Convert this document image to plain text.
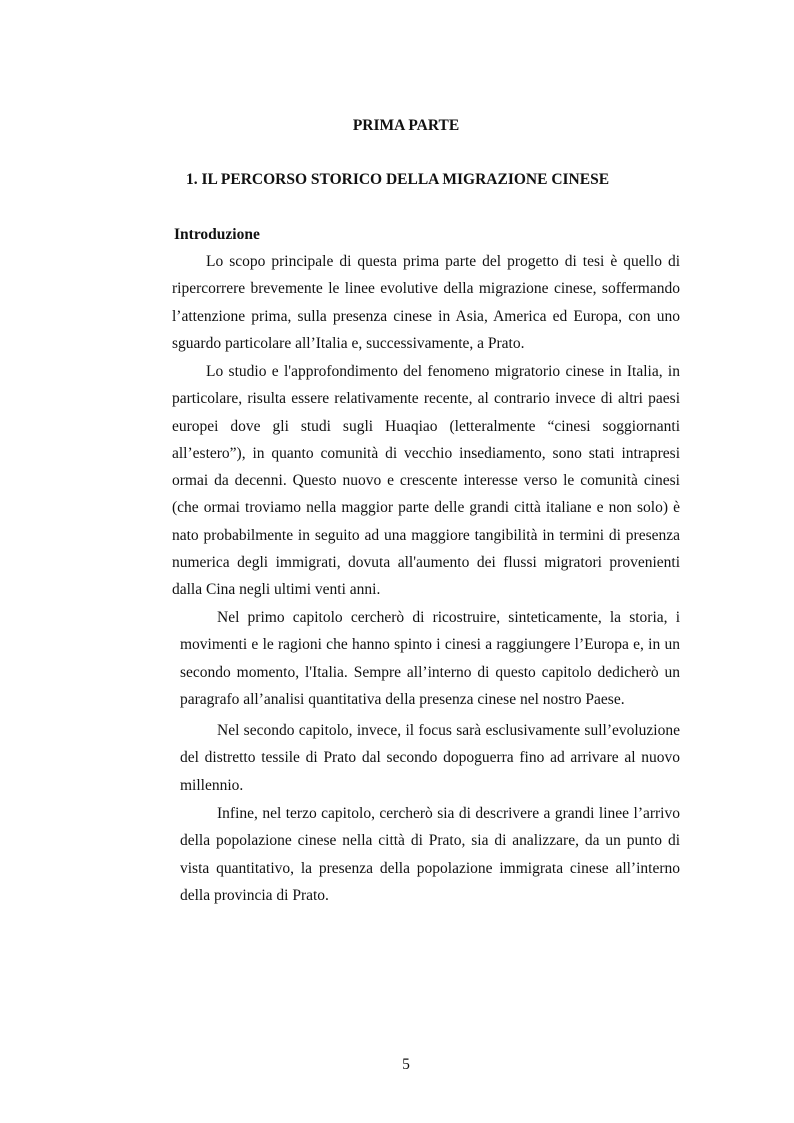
PRIMA PARTE
1. IL PERCORSO STORICO DELLA MIGRAZIONE CINESE
Introduzione

Lo scopo principale di questa prima parte del progetto di tesi è quello di ripercorrere brevemente le linee evolutive della migrazione cinese, soffermando l’attenzione prima, sulla presenza cinese in Asia, America ed Europa, con uno sguardo particolare all’Italia e, successivamente, a Prato.

Lo studio e l'approfondimento del fenomeno migratorio cinese in Italia, in particolare, risulta essere relativamente recente, al contrario invece di altri paesi europei dove gli studi sugli Huaqiao (letteralmente “cinesi soggiornanti all’estero”), in quanto comunità di vecchio insediamento, sono stati intrapresi ormai da decenni. Questo nuovo e crescente interesse verso le comunità cinesi (che ormai troviamo nella maggior parte delle grandi città italiane e non solo) è nato probabilmente in seguito ad una maggiore tangibilità in termini di presenza numerica degli immigrati, dovuta all'aumento dei flussi migratori provenienti dalla Cina negli ultimi venti anni.

Nel primo capitolo cercherò di ricostruire, sinteticamente, la storia, i movimenti e le ragioni che hanno spinto i cinesi a raggiungere l’Europa e, in un secondo momento, l'Italia. Sempre all’interno di questo capitolo dedicherò un paragrafo all’analisi quantitativa della presenza cinese nel nostro Paese.

Nel secondo capitolo, invece, il focus sarà esclusivamente sull’evoluzione del distretto tessile di Prato dal secondo dopoguerra fino ad arrivare al nuovo millennio.

Infine, nel terzo capitolo, cercherò sia di descrivere a grandi linee l’arrivo della popolazione cinese nella città di Prato, sia di analizzare, da un punto di vista quantitativo, la presenza della popolazione immigrata cinese all’interno della provincia di Prato.

5
